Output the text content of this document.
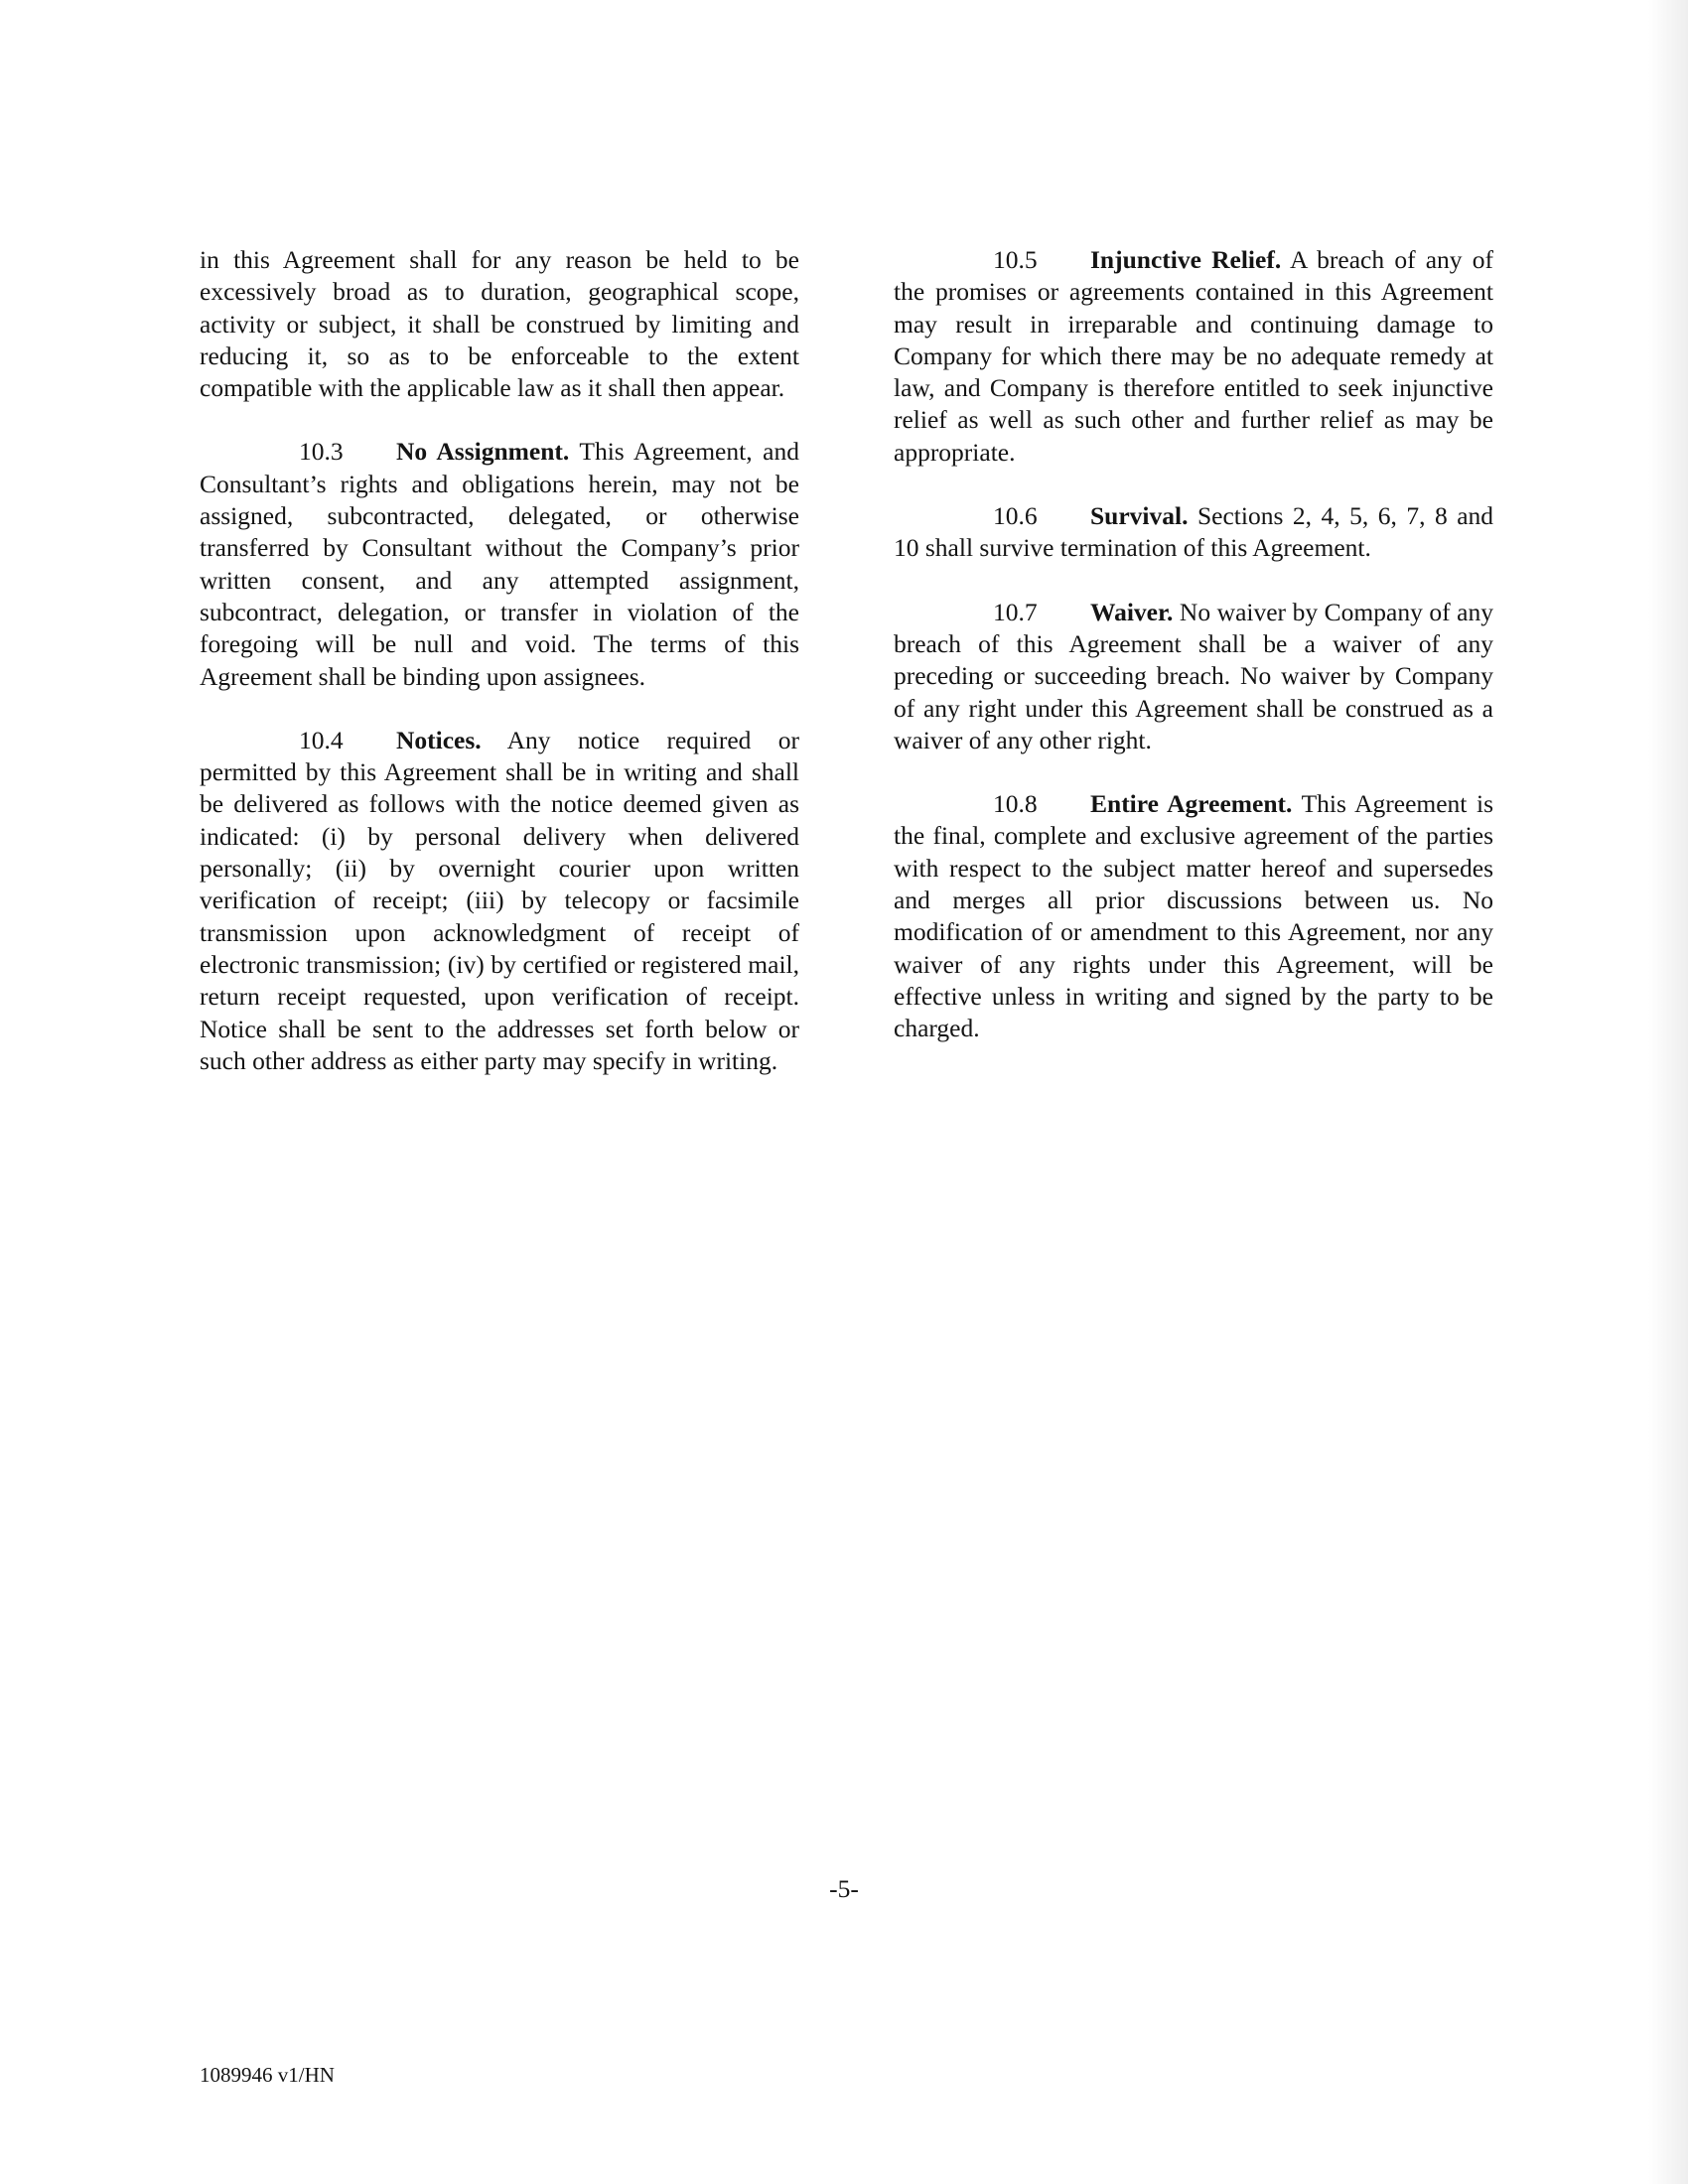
in this Agreement shall for any reason be held to be excessively broad as to duration, geographical scope, activity or subject, it shall be construed by limiting and reducing it, so as to be enforceable to the extent compatible with the applicable law as it shall then appear.

10.3 No Assignment. This Agreement, and Consultant’s rights and obligations herein, may not be assigned, subcontracted, delegated, or otherwise transferred by Consultant without the Company’s prior written consent, and any attempted assignment, subcontract, delegation, or transfer in violation of the foregoing will be null and void. The terms of this Agreement shall be binding upon assignees.

10.4 Notices. Any notice required or permitted by this Agreement shall be in writing and shall be delivered as follows with the notice deemed given as indicated: (i) by personal delivery when delivered personally; (ii) by overnight courier upon written verification of receipt; (iii) by telecopy or facsimile transmission upon acknowledgment of receipt of electronic transmission; (iv) by certified or registered mail, return receipt requested, upon verification of receipt. Notice shall be sent to the addresses set forth below or such other address as either party may specify in writing.

10.5 Injunctive Relief. A breach of any of the promises or agreements contained in this Agreement may result in irreparable and continuing damage to Company for which there may be no adequate remedy at law, and Company is therefore entitled to seek injunctive relief as well as such other and further relief as may be appropriate.

10.6 Survival. Sections 2, 4, 5, 6, 7, 8 and 10 shall survive termination of this Agreement.

10.7 Waiver. No waiver by Company of any breach of this Agreement shall be a waiver of any preceding or succeeding breach. No waiver by Company of any right under this Agreement shall be construed as a waiver of any other right.

10.8 Entire Agreement. This Agreement is the final, complete and exclusive agreement of the parties with respect to the subject matter hereof and supersedes and merges all prior discussions between us. No modification of or amendment to this Agreement, nor any waiver of any rights under this Agreement, will be effective unless in writing and signed by the party to be charged.

-5-
1089946 v1/HN
